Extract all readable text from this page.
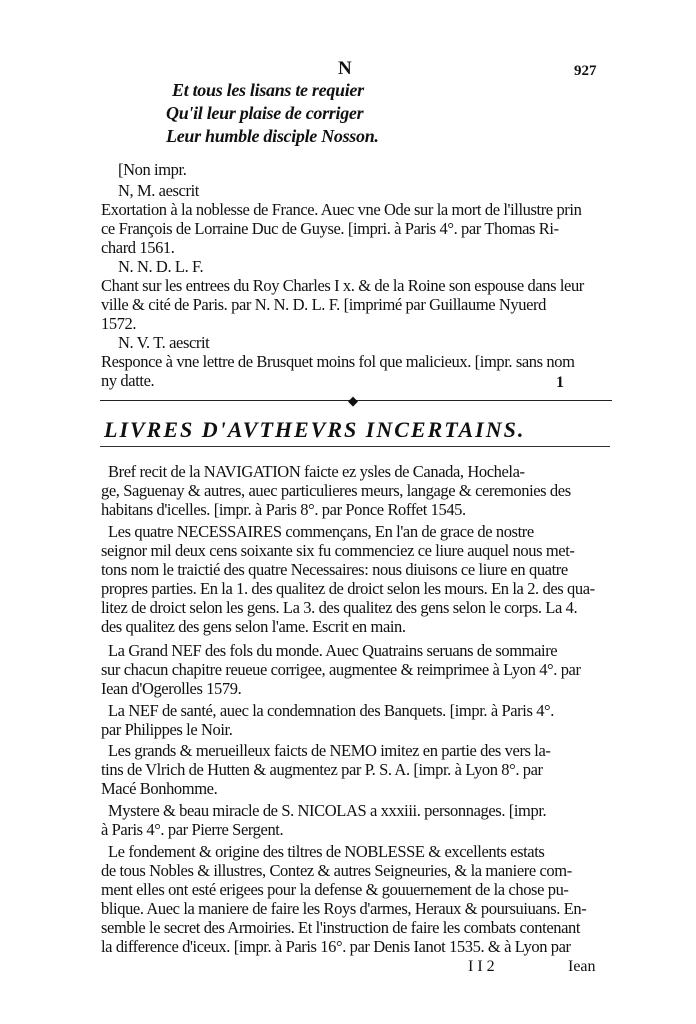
N	927
Et tous les lisans te requier
Qu'il leur plaise de corriger
Leur humble disciple Nosson.
[Non impr.
N, M. aescrit
Exortation à la noblesse de France. Auec vne Ode sur la mort de l'illustre prin
ce François de Lorraine Duc de Guyse. [impri. à Paris 4°. par Thomas Ri-
chard 1561.
N. N. D. L. F.
Chant sur les entrees du Roy Charles I x. & de la Roine son espouse dans leur
ville & cité de Paris. par N. N. D. L. F. [imprimé par Guillaume Nyuerd
1572.
N. V. T. aescrit
Responce à vne lettre de Brusquet moins fol que malicieux. [impr. sans nom
ny datte.	1
◆
LIVRES D'AVTHEVRS INCERTAINS.
Bref recit de la NAVIGATION faicte ez ysles de Canada, Hochela-
ge, Saguenay & autres, auec particulieres meurs, langage & ceremonies des
habitans d'icelles. [impr. à Paris 8°. par Ponce Roffet 1545.
Les quatre NECESSAIRES commençans, En l'an de grace de nostre
seignor mil deux cens soixante six fu commenciez ce liure auquel nous met-
tons nom le traictié des quatre Necessaires: nous diuisons ce liure en quatre
propres parties. En la 1. des qualitez de droict selon les mours. En la 2. des qua-
litez de droict selon les gens. La 3. des qualitez des gens selon le corps. La 4.
des qualitez des gens selon l'ame. Escrit en main.
La Grand NEF des fols du monde. Auec Quatrains seruans de sommaire
sur chacun chapitre reueue corrigee, augmentee & reimprimee à Lyon 4°. par
Iean d'Ogerolles 1579.
La NEF de santé, auec la condemnation des Banquets. [impr. à Paris 4°.
par Philippes le Noir.
Les grands & merueilleux faicts de NEMO imitez en partie des vers la-
tins de Vlrich de Hutten & augmentez par P. S. A. [impr. à Lyon 8°. par
Macé Bonhomme.
Mystere & beau miracle de S. NICOLAS a xxxiii. personnages. [impr.
à Paris 4°. par Pierre Sergent.
Le fondement & origine des tiltres de NOBLESSE & excellents estats
de tous Nobles & illustres, Contez & autres Seigneuries, & la maniere com-
ment elles ont esté erigees pour la defense & gouuernement de la chose pu-
blique. Auec la maniere de faire les Roys d'armes, Heraux & poursuiuans. En-
semble le secret des Armoiries. Et l'instruction de faire les combats contenant
la difference d'iceux. [impr. à Paris 16°. par Denis Ianot 1535. & à Lyon par
I I 2	Iean
